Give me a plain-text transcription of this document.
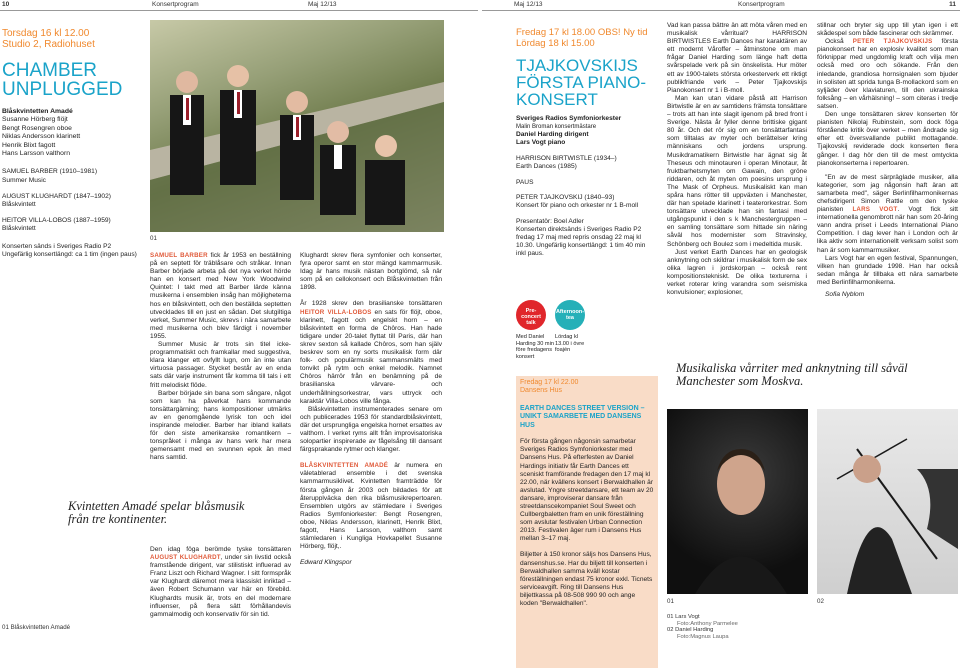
10	Konsertprogram	Maj 12/13	Maj 12/13	Konsertprogram	11
Torsdag 16 kl 12.00
Studio 2, Radiohuset
CHAMBER
UNPLUGGED
Blåskvintetten Amadé
Susanne Hörberg flöjt
Bengt Rosengren oboe
Niklas Andersson klarinett
Henrik Blixt fagott
Hans Larsson valthorn
SAMUEL BARBER (1910–1981)
Summer Music
AUGUST KLUGHARDT (1847–1902)
Blåskvintett
HEITOR VILLA-LOBOS (1887–1959)
Blåskvintett
Konserten sänds i Sveriges Radio P2 Ungefärlig konsertlängd: ca 1 tim (ingen paus)
01 Blåskvintetten Amadé
01

SAMUEL BARBER fick år 1953 en beställning på en septett för träblåsare och stråkar. Innan Barber började arbeta på det nya verket hörde han en konsert med New York Woodwind Quintet: I takt med att Barber lärde känna musikerna i ensemblen insåg han möjligheterna hos en blåskvintett, och den beställda septetten utvecklades till en just en sådan. Det slutgiltiga verket, Summer Music, skrevs i nära samarbete med musikerna och blev färdigt i november 1955.

Summer Music är trots sin titel icke-programmatiskt och framkallar med suggestiva, klara klanger ett ovfyllt lugn, om än inte utan virtuosa passager. Stycket består av en enda sats där varje instrument får komma till tals i ett fritt melodiskt flöde.

Barber började sin bana som sångare, något som kan ha påverkat hans kommande tonsättargärning; hans kompositioner utmärks av en genomgående lyrisk ton och idel inspirande melodier. Barber har ibland kallats för den siste amerikanske romantikern – tonspråket i många av hans verk har mera gemensamt med en svunnen epok än med hans samtid.

Kvintetten Amadé spelar blåsmusik från tre kontinenter.

Den idag föga berömde tyske tonsättaren AUGUST KLUGHARDT, under sin livstid också framstående dirigent, var stilistiskt influerad av Franz Liszt och Richard Wagner. I sitt formspråk var Klughardt däremot mera klassiskt inriktad – även Robert Schumann var här en förebild. Klughardts musik är, trots en del modernare influenser, på flera sätt förhållandevis gammalmodig och konservativ för sin tid.

Klughardt skrev flera symfonier och konserter, fyra operor samt en stor mängd kammarmusik. Idag är hans musik nästan bortglömd, så när som på en cellokonsert och Blåskvintetten från 1898.

År 1928 skrev den brasilianske tonsättaren HEITOR VILLA-LOBOS en sats för flöjt, oboe, klarinett, fagott och engelskt horn – en blåskvintett en forma de Chôros. Han hade tidigare under 20-talet flyttat till Paris, där han skrev sexton så kallade Chôros, som han själv beskrev som en ny sorts musikalisk form där folk- och populärmusik sammansmälts med tonvikt på rytm och enkel melodik. Namnet Chôros härrör från en benämning på de brasilianska värvare- och underhållningsorkestrar, vars uttryck och karaktär Villa-Lobos ville fånga.

Blåskvintetten instrumenterades senare om och publicerades 1953 för standardblåskvintett, där det ursprungliga engelska hornet ersattes av valthorn. I verket ryms allt från improvisatoriska solopartier inspirerade av fågelsång till dansant färgsprakande rytmer och klanger.

BLÅSKVINTETTEN AMADÉ är numera en väletablerad ensemble i det svenska kammarmusiklivet. Kvintetten framträdde för första gången år 2003 och bildades för att återupplväcka den rika blåsmusikrepertoaren. Ensemblen utgörs av stämledare i Sveriges Radios Symfoniorkester: Bengt Rosengren, oboe, Niklas Andersson, klarinett, Henrik Blixt, fagott, Hans Larsson, valthorn samt stämledaren i Kungliga Hovkapellet Susanne Hörberg, flöjt,.

Edward Klingspor

Fredag 17 kl 18.00 OBS! Ny tid
Lördag 18 kl 15.00
TJAJKOVSKIJS
FÖRSTA PIANO-
KONSERT
Sveriges Radios Symfoniorkester
Malin Broman konsertmästare
Daniel Harding dirigent
Lars Vogt piano
HARRISON BIRTWISTLE (1934–)
Earth Dances (1985)
PAUS
PETER TJAJKOVSKIJ (1840–93)
Konsert för piano och orkester nr 1 B-moll
Presentatör: Boel Adler
Konserten direktsänds i Sveriges Radio P2 fredag 17 maj med repris onsdag 22 maj kl 10.30. Ungefärlig konsertlängd: 1 tim 40 min inkl paus.
Pre-concert talk
Afternoon-tea
Med Daniel Harding 30 min före fredagens konsert
Lördag kl 13.00 i övre foajén
Fredag 17 kl 22.00
Dansens Hus
EARTH DANCES STREET VERSION – UNIKT SAMARBETE MED DANSENS HUS
För första gången någonsin samarbetar Sveriges Radios Symfoniorkester med Dansens Hus. På efterfesten av Daniel Hardings initiativ får Earth Dances ett sceniskt framförande fredagen den 17 maj kl 22.00, när kvällens konsert i Berwaldhallen är avslutad. Yngre streetdansare, ett team av 20 dansare, improviserar dansare från streetdanscekompaniet Soul Sweet och Cullbergbaletten fram en unik föreställning som avslutar festivalen Urban Connection 2013. Festivalen äger rum i Dansens Hus mellan 3–17 maj.
Biljetter à 150 kronor säljs hos Dansens Hus, dansenshus.se. Har du biljett till konserten i Berwaldhallen samma kväll kostar föreställningen endast 75 kronor exkl. Ticnets serviceavgift. Ring till Dansens Hus biljettkassa på 08-508 990 90 och ange koden "Berwaldhallen".

Vad kan passa bättre än att möta våren med en musikalisk vårritual? HARRISON BIRTWISTLES Earth Dances har karaktären av ett modernt Våroffer – åtminstone om man frågar Daniel Harding som länge haft detta svårspelade verk på sin önskelista. Hur möter ett av 1900-talets största orkesterverk ett riktigt publikfriande verk – Peter Tjajkovskijs Pianokonsert nr 1 i B-moll.

Man kan utan vidare påstå att Harrison Birtwistle är en av samtidens främsta tonsättare – trots att han inte slagit igenom på bred front i Sverige. Nästa år fyller denne brittiske gigant 80 år. Och det rör sig om en tonsättarfantasi som tilltalas av myter och berättelser kring människans och jordens ursprung. Musikdramatikern Birtwistle har ägnat sig åt Theseus och minotauren i operan Minotaur, åt fruktbarhetsmyten om Gawain, den gröne riddaren, och åt myten om poesins ursprung i The Mask of Orpheus. Musikaliskt kan man spåra hans rötter till uppväxten i Manchester, där han spelade klarinett i teaterorkestrar. Som tonsättare utvecklade han sin fantasi med utgångspunkt i den s k Manchestergruppen – en samling tonsättare som hittade sin näring såväl hos modernister som Stravinsky, Schönberg och Boulez som i medeltida musik.

Just verket Earth Dances har en geologisk anknytning och skildrar i musikalisk form de sex olika lagren i jordskorpan – också rent kompositionstekniskt. De olika texturerna i verket roterar kring varandra som seismiska konvulsioner; explosioner,

stillnar och bryter sig upp till ytan igen i ett skådespel som både fascinerar och skrämmer.

Också PETER TJAJKOVSKIJS första pianokonsert har en explosiv kvalitet som man förknippar med ungdomlig kraft och vilja men också med oro och sökande. Från den inledande, grandiosa hornsignalen som bjuder in solisten att sprida tunga B-mollackord som en syljäder över klaviaturen, till den ukrainska folksång – en vårhälsning! – som citeras i tredje satsen.

Den unge tonsättaren skrev konserten för pianisten Nikolaj Rubinstein, som dock föga förstående kritik över verket – men åndrade sig efter ett översvallande publikt mottagande. Tjajkovskij reviderade dock konserten flera gånger. I dag hör den till de mest omtyckta pianokonserterna i repertoaren.

"En av de mest särpräglade musiker, alla kategorier, som jag någonsin haft äran att samarbeta med", säger Berlinfilharmonikernas chefsdirigent Simon Rattle om den tyske pianisten LARS VOGT. Vogt fick sitt internationella genombrott när han som 20-åring vann andra priset i Leeds International Piano Competition. I dag lever han i London och är lika aktiv som internationellt verksam solist som han är som kammarmusiker.

Lars Vogt har en egen festival, Spannungen, vilken han grundade 1998. Han har också sedan många år tillbaka ett nära samarbete med Berlinfilharmonikerna.

Sofia Nyblom

Musikaliska vårriter med anknytning till såväl Manchester som Moskva.
01	02
01 Lars Vogt
Foto:Anthony Parmelee
02 Daniel Harding
Foto:Magnus Laupa
